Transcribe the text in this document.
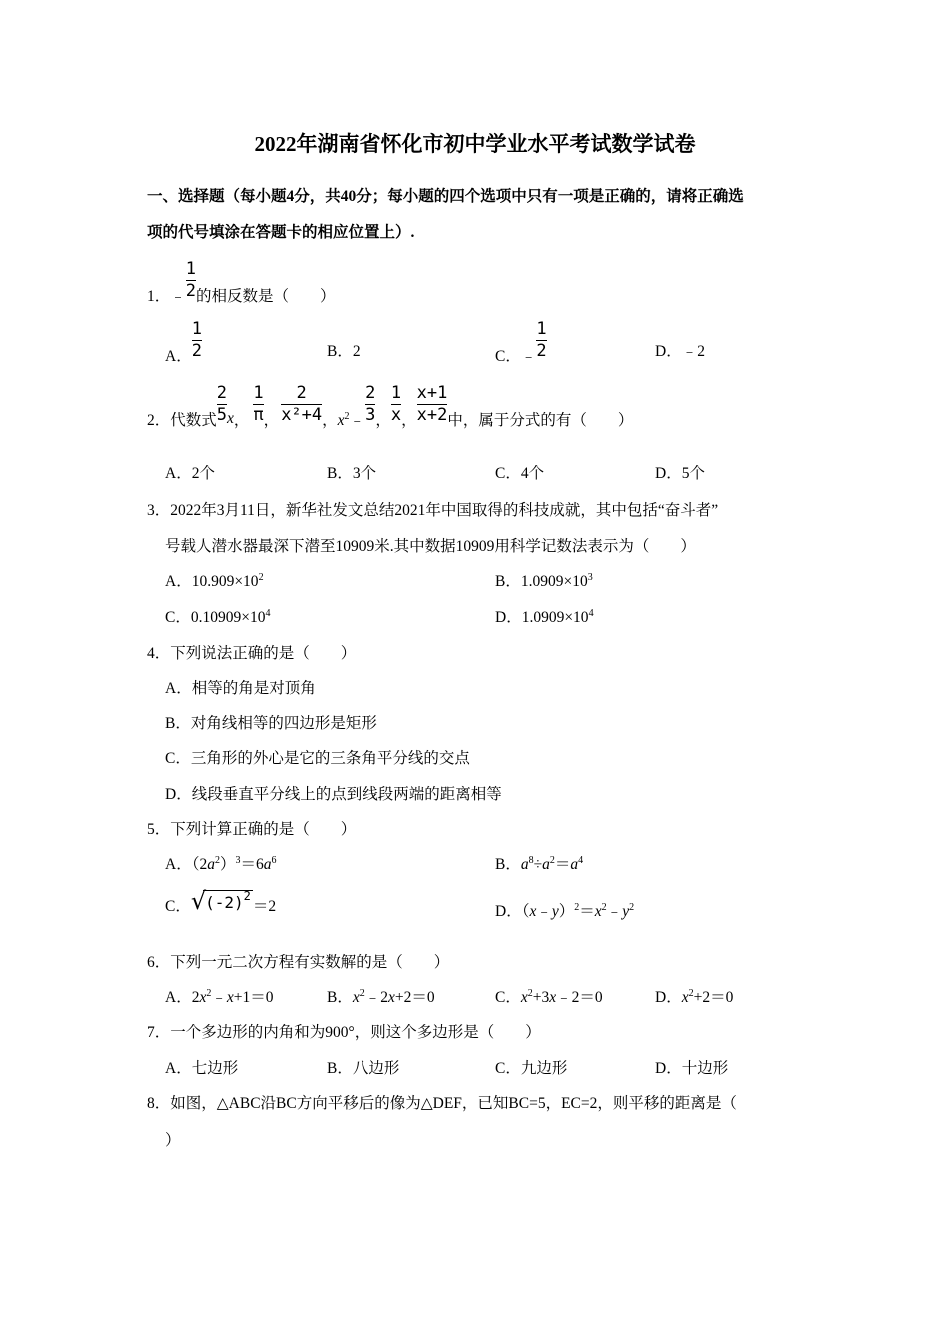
2022年湖南省怀化市初中学业水平考试数学试卷
一、选择题（每小题4分，共40分；每小题的四个选项中只有一项是正确的，请将正确选
项的代号填涂在答题卡的相应位置上）.
1．﹣ $\frac{1}{2}$ 的相反数是（　　）
A． $\frac{1}{2}$	B．2	C．﹣ $\frac{1}{2}$	D．﹣2
2．代数式 $\frac{2}{5}$ x， $\frac{1}{\pi}$ ， $\frac{2}{\text{x²+4}}$ ，$x^2﹣ \frac{2}{3}$ ， $\frac{1}{x}$ ， $\frac{x+1}{x+2}$ 中，属于分式的有（　　）
A．2个	B．3个	C．4个	D．5个
3．2022年3月11日，新华社发文总结2021年中国取得的科技成就，其中包括“奋斗者”
号载人潜水器最深下潜至10909米.其中数据10909用科学记数法表示为（　　）
A．$10.909\times 10^2$	B．$1.0909\times 10^3$
C．$0.10909\times 10^4$	D．$1.0909\times 10^4$
4．下列说法正确的是（　　）
A．相等的角是对顶角
B．对角线相等的四边形是矩形
C．三角形的外心是它的三条角平分线的交点
D．线段垂直平分线上的点到线段两端的距离相等
5．下列计算正确的是（　　）
A．$(2a^2)^3=6a^6$	B．$a^8\div a^2=a^4$
C．$√(-2)^2=2$	D．$(x﹣y)^2=x^2﹣y^2$
6．下列一元二次方程有实数解的是（　　）
A．$2x^2﹣x+1=0$	B．$x^2﹣2x+2=0$	C．$x^2+3x﹣2=0$	D．$x^2+2=0$
7．一个多边形的内角和为900°，则这个多边形是（　　）
A．七边形	B．八边形	C．九边形	D．十边形
8．如图，△ABC沿BC方向平移后的像为△DEF，已知BC=5，EC=2，则平移的距离是（
）
